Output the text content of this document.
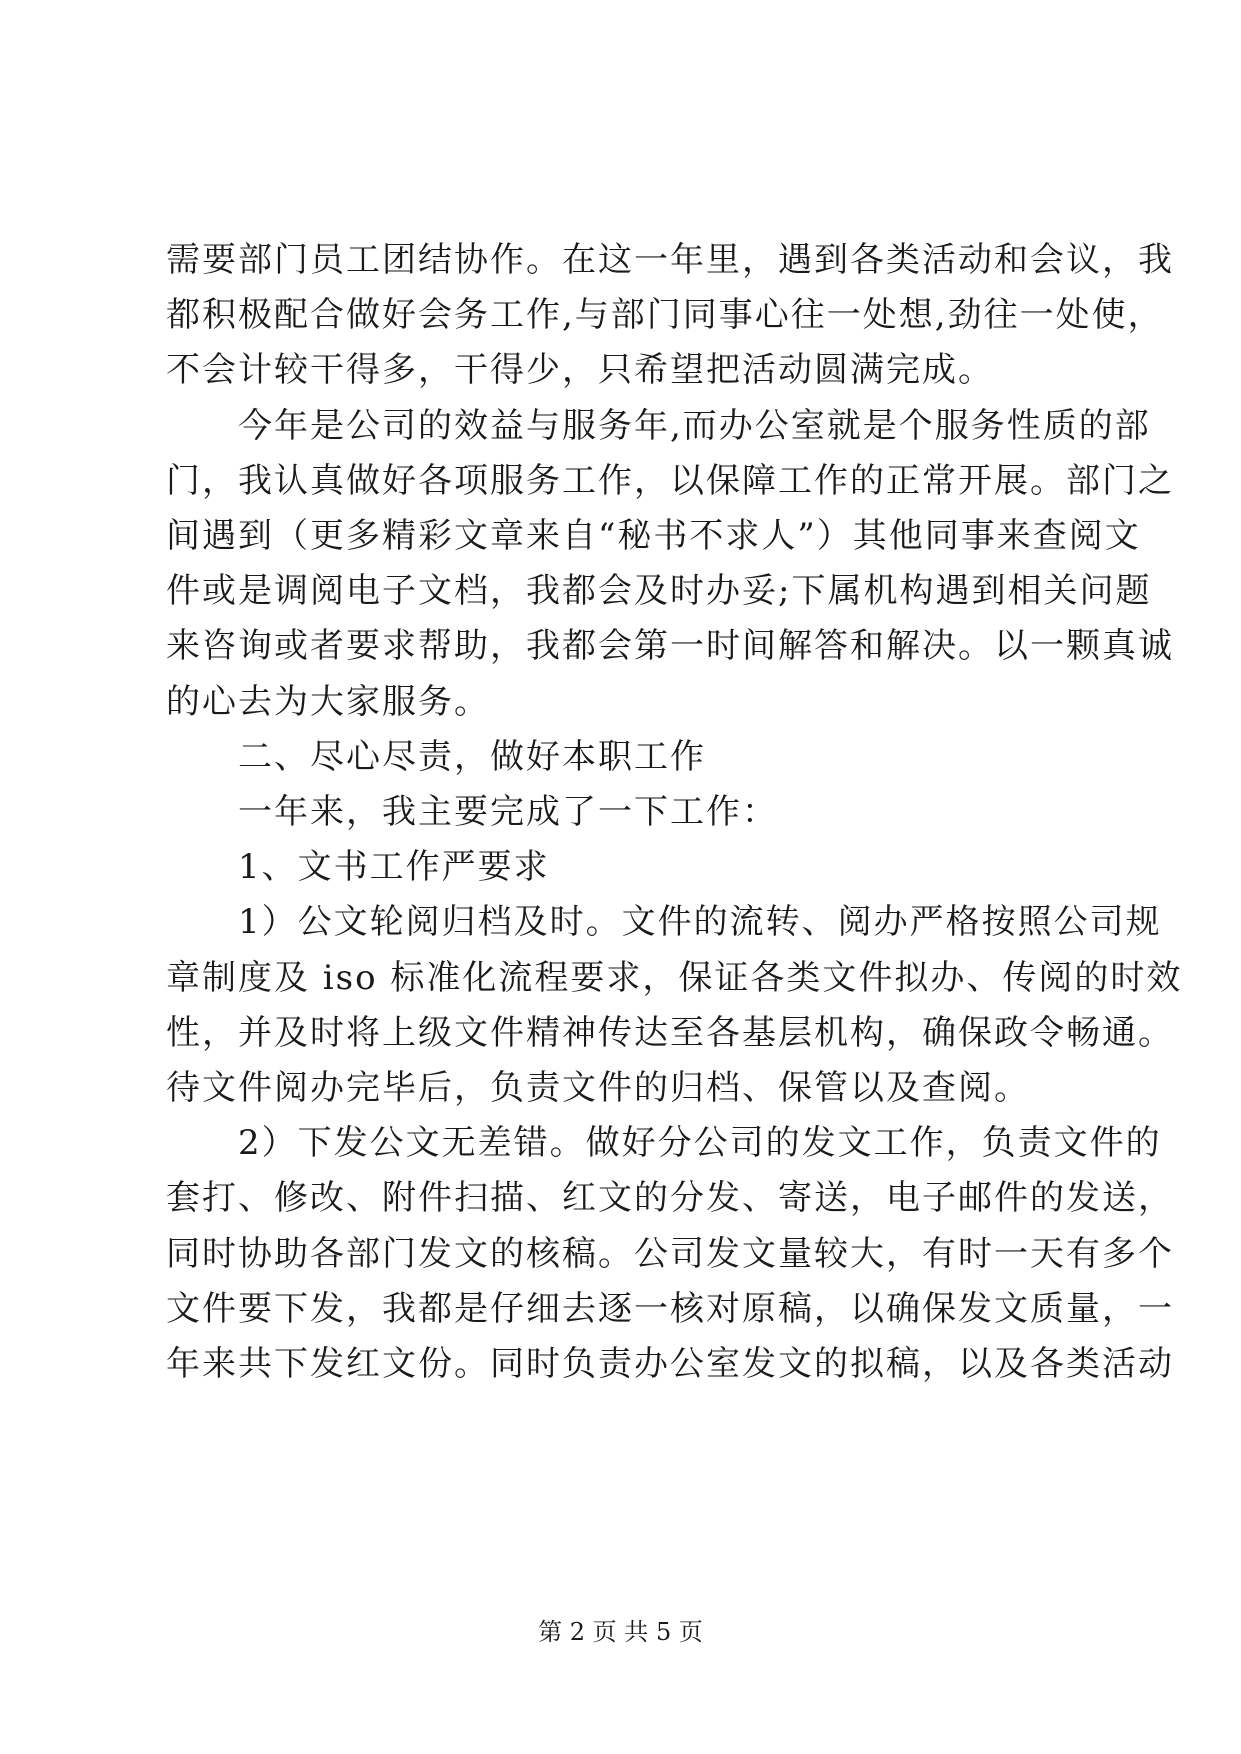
需要部门员工团结协作。在这一年里，遇到各类活动和会议，我
都积极配合做好会务工作,与部门同事心往一处想,劲往一处使，
不会计较干得多，干得少，只希望把活动圆满完成。
今年是公司的效益与服务年,而办公室就是个服务性质的部
门，我认真做好各项服务工作，以保障工作的正常开展。部门之
间遇到（更多精彩文章来自“秘书不求人”）其他同事来查阅文
件或是调阅电子文档，我都会及时办妥;下属机构遇到相关问题
来咨询或者要求帮助，我都会第一时间解答和解决。以一颗真诚
的心去为大家服务。
二、尽心尽责，做好本职工作
一年来，我主要完成了一下工作：
1、文书工作严要求
1）公文轮阅归档及时。文件的流转、阅办严格按照公司规
章制度及 iso 标准化流程要求，保证各类文件拟办、传阅的时效
性，并及时将上级文件精神传达至各基层机构，确保政令畅通。
待文件阅办完毕后，负责文件的归档、保管以及查阅。
2）下发公文无差错。做好分公司的发文工作，负责文件的
套打、修改、附件扫描、红文的分发、寄送，电子邮件的发送，
同时协助各部门发文的核稿。公司发文量较大，有时一天有多个
文件要下发，我都是仔细去逐一核对原稿，以确保发文质量，一
年来共下发红文份。同时负责办公室发文的拟稿，以及各类活动
第 2 页 共 5 页
